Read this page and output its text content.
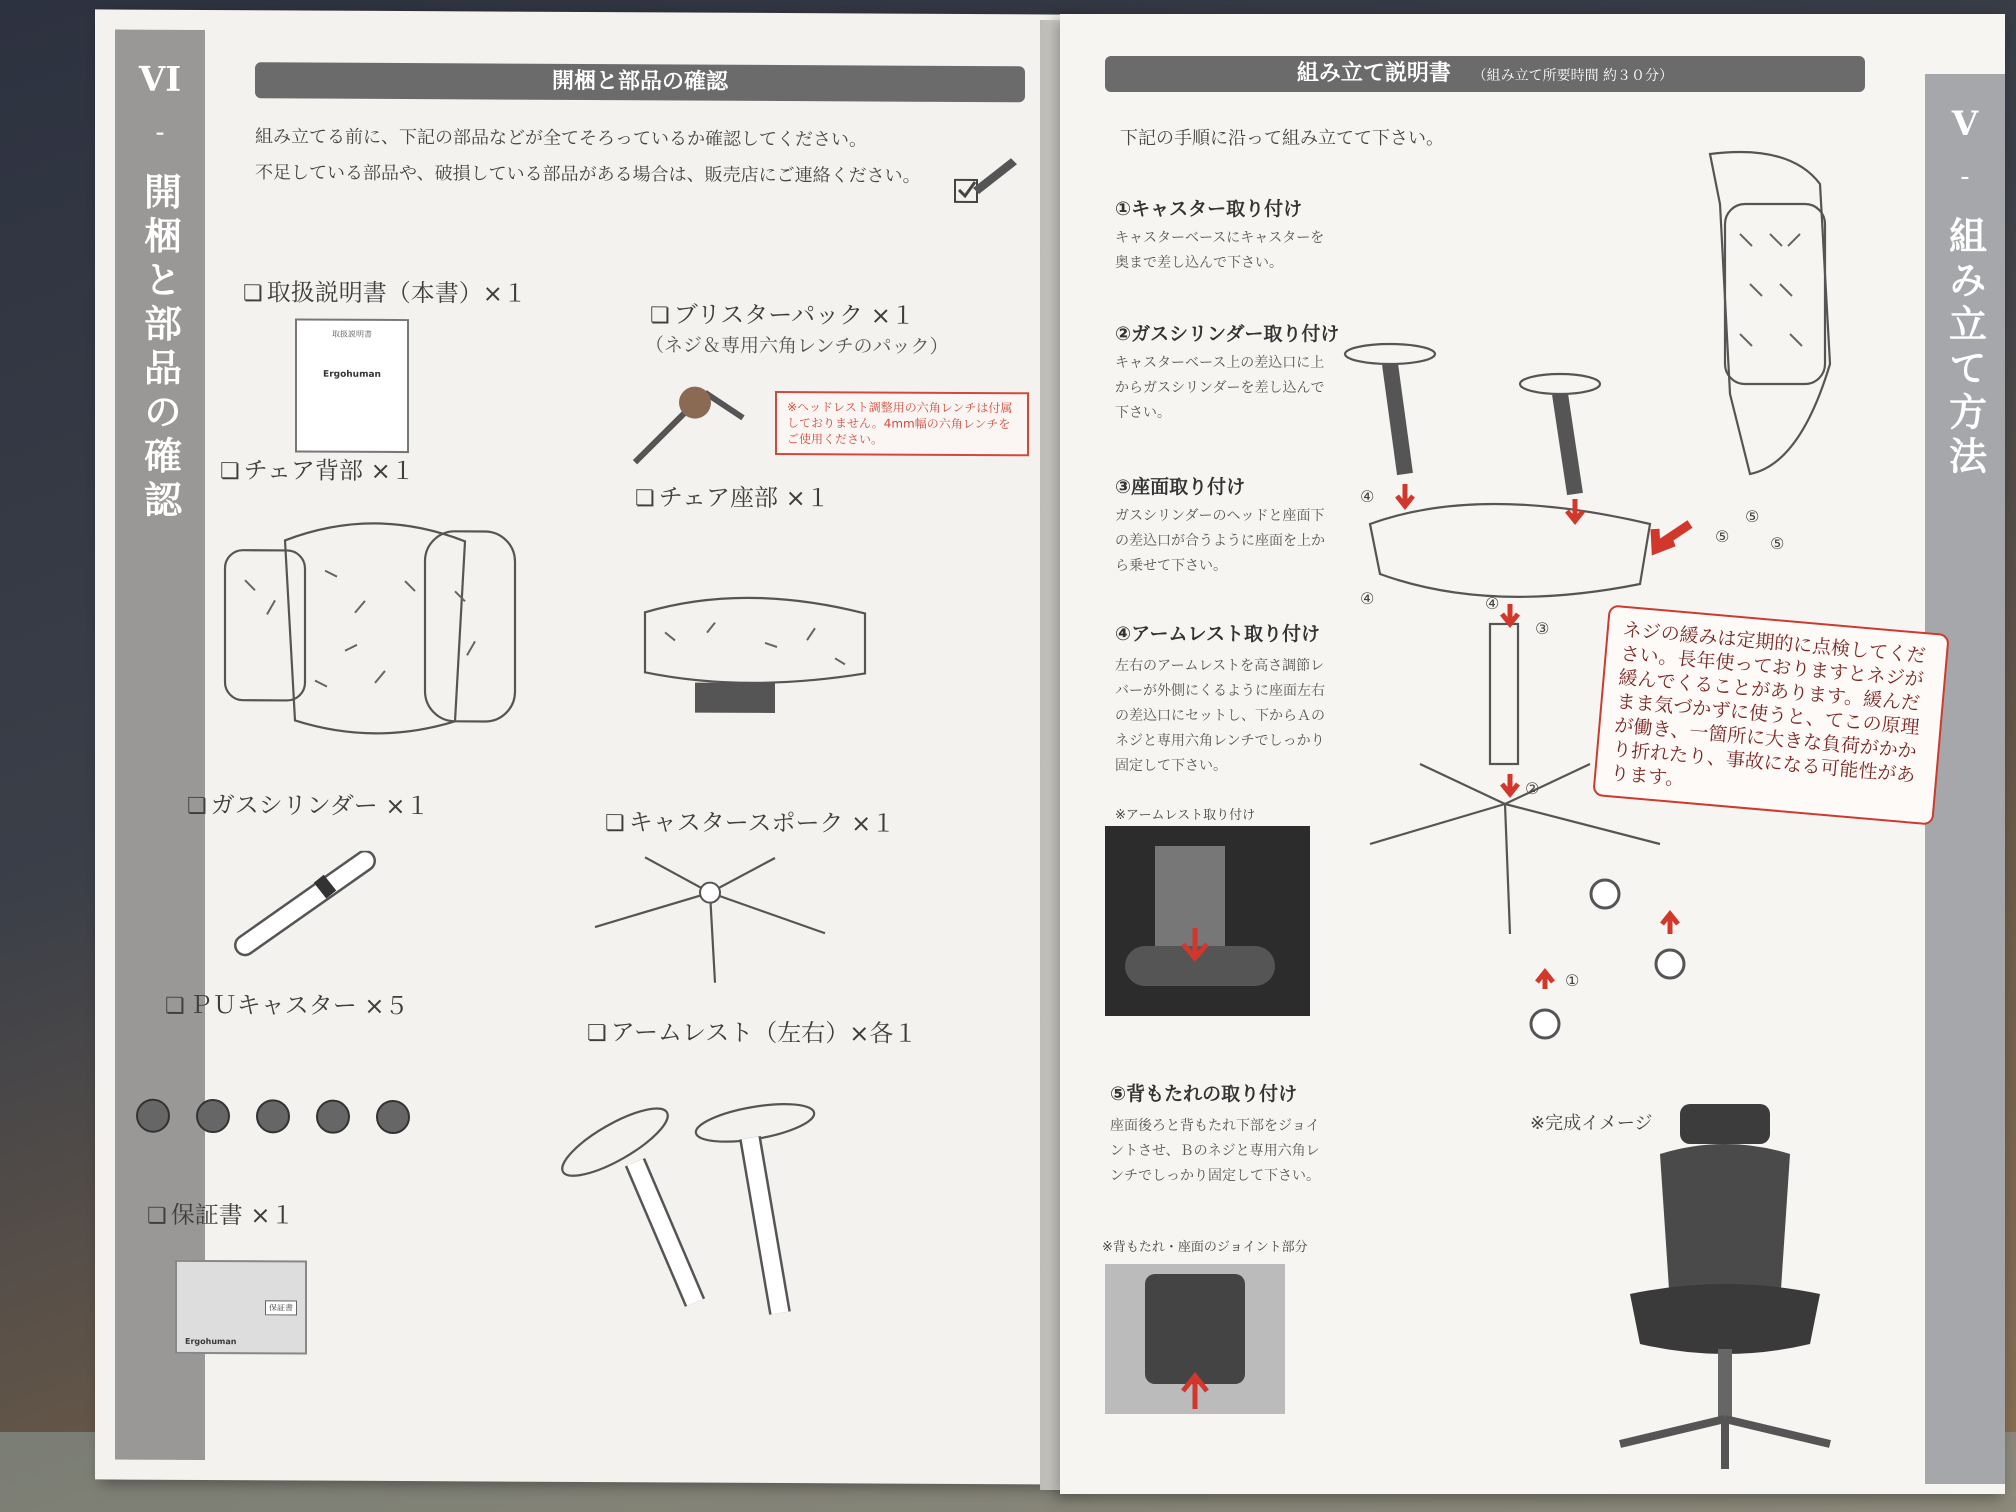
VI
-
開梱と部品の確認
開梱と部品の確認
組み立てる前に、下記の部品などが全てそろっているか確認してください。
不足している部品や、破損している部品がある場合は、販売店にご連絡ください。
❏ 取扱説明書（本書）×１
取扱説明書
Ergohuman
❏ ブリスターパック ×１
（ネジ＆専用六角レンチのパック）
※ヘッドレスト調整用の六角レンチは付属しておりません。4mm幅の六角レンチをご使用ください。
❏ チェア背部 ×１
❏ チェア座部 ×１
❏ ガスシリンダー ×１
❏ キャスタースポーク ×１
❏ ＰＵキャスター ×５
❏ アームレスト（左右）×各１
❏ 保証書 ×１
保証書
Ergohuman
V
-
組み立て方法
組み立て説明書 （組み立て所要時間 約３０分）
下記の手順に沿って組み立てて下さい。
①キャスター取り付け
キャスターベースにキャスターを奥まで差し込んで下さい。
②ガスシリンダー取り付け
キャスターベース上の差込口に上からガスシリンダーを差し込んで下さい。
③座面取り付け
ガスシリンダーのヘッドと座面下の差込口が合うように座面を上から乗せて下さい。
④アームレスト取り付け
左右のアームレストを高さ調節レバーが外側にくるように座面左右の差込口にセットし、下からＡのネジと専用六角レンチでしっかり固定して下さい。
※アームレスト取り付け
⑤背もたれの取り付け
座面後ろと背もたれ下部をジョイントさせ、Ｂのネジと専用六角レンチでしっかり固定して下さい。
※背もたれ・座面のジョイント部分
④
④
⑤
⑤
⑤
③
④
②
①
ネジの緩みは定期的に点検してください。長年使っておりますとネジが緩んでくることがあります。緩んだまま気づかずに使うと、てこの原理が働き、一箇所に大きな負荷がかかり折れたり、事故になる可能性があります。
※完成イメージ
